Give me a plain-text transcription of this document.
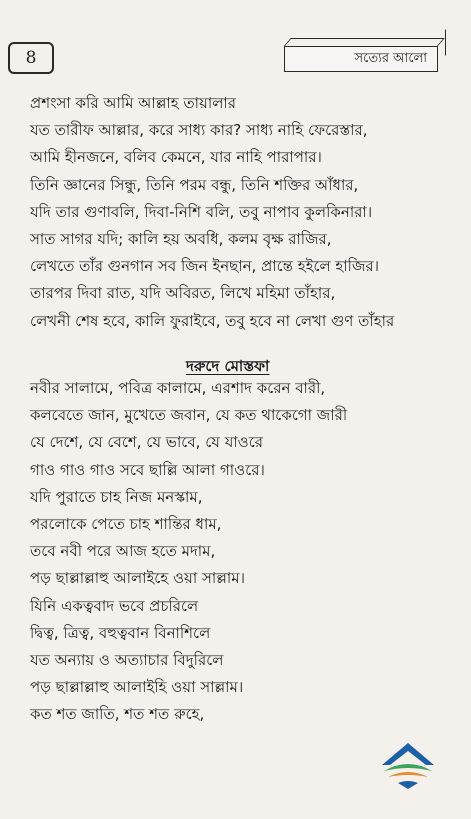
8	সত্যের আলো
প্রশংসা করি আমি আল্লাহ তায়ালার
যত তারীফ আল্লার, করে সাধ্য কার? সাধ্য নাহি ফেরেস্তার,
আমি হীনজনে, বলিব কেমনে, যার নাহি পারাপার।
তিনি জ্ঞানের সিন্ধু, তিনি পরম বন্ধু, তিনি শক্তির আঁধার,
যদি তার গুণাবলি, দিবা-নিশি বলি, তবু নাপাব কুলকিনারা।
সাত সাগর যদি; কালি হয় অবধি, কলম বৃক্ষ রাজির,
লেখতে তাঁর গুনগান সব জিন ইনছান, প্রান্তে হইলে হাজির।
তারপর দিবা রাত, যদি অবিরত, লিখে মহিমা তাঁহার,
লেখনী শেষ হবে, কালি ফুরাইবে, তবু হবে না লেখা গুণ তাঁহার
দরুদে মোস্তফা
নবীর সালামে, পবিত্র কালামে, এরশাদ করেন বারী,
কলবেতে জান, মুখেতে জবান, যে কত থাকেগো জারী
যে দেশে, যে বেশে, যে ভাবে, যে যাওরে
গাও গাও গাও সবে ছাল্লি আলা গাওরে।
যদি পুরাতে চাহ নিজ মনস্কাম,
পরলোকে পেতে চাহ শান্তির ধাম,
তবে নবী পরে আজ হতে মদাম,
পড় ছাল্লাল্লাহু আলাইহে ওয়া সাল্লাম।
যিনি একত্ববাদ ভবে প্রচরিলে
দ্বিত্ব, ত্রিত্ব, বহুত্ববান বিনাশিলে
যত অন্যায় ও অত্যাচার বিদুরিলে
পড় ছাল্লাল্লাহু আলাইহি ওয়া সাল্লাম।
কত শত জাতি, শত শত রুহে,
